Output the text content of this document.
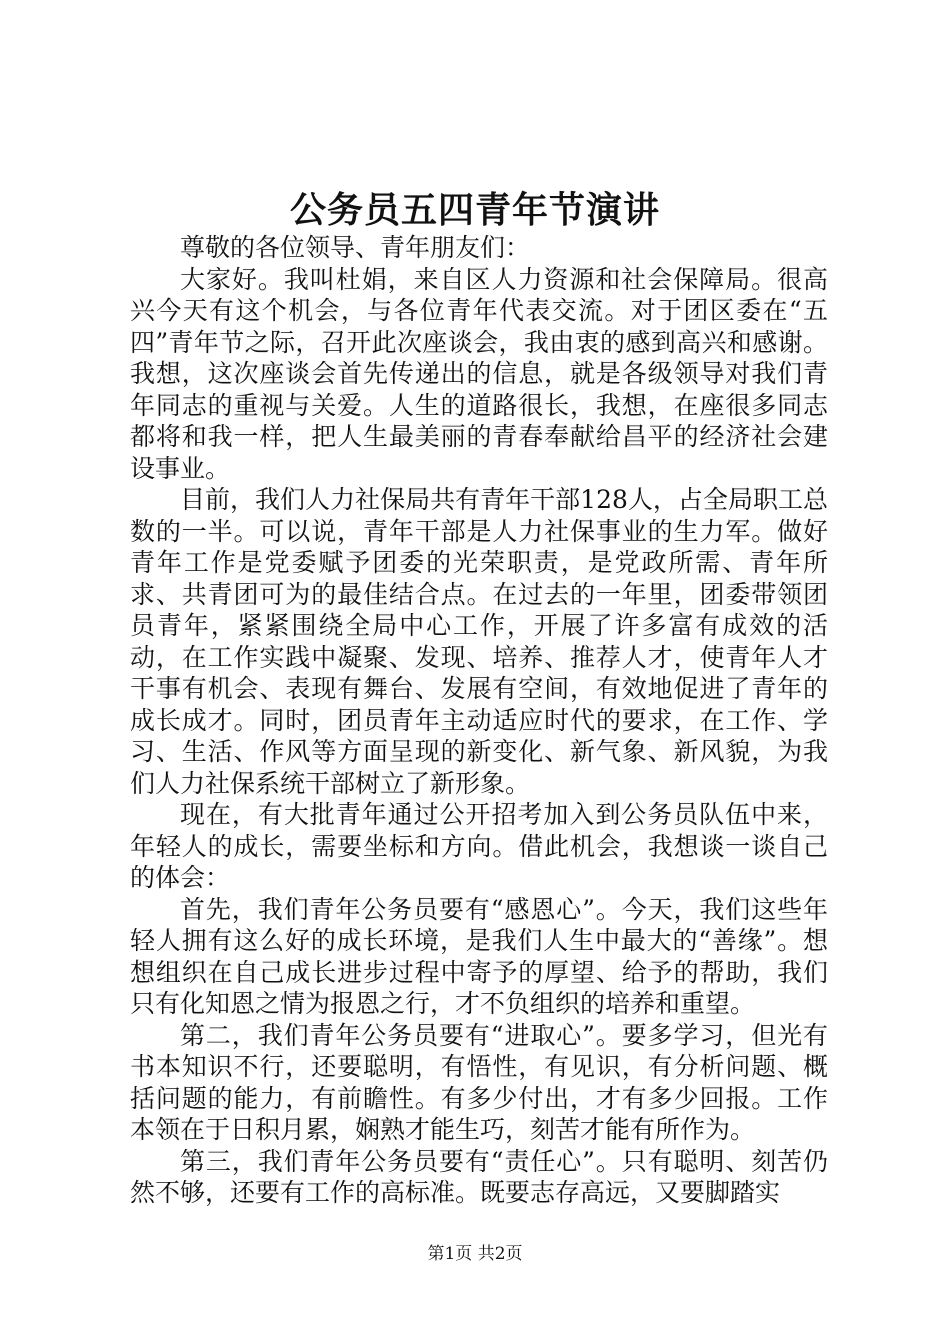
公务员五四青年节演讲

尊敬的各位领导、青年朋友们：

大家好。我叫杜娟，来自区人力资源和社会保障局。很高兴今天有这个机会，与各位青年代表交流。对于团区委在“五四”青年节之际，召开此次座谈会，我由衷的感到高兴和感谢。我想，这次座谈会首先传递出的信息，就是各级领导对我们青年同志的重视与关爱。人生的道路很长，我想，在座很多同志都将和我一样，把人生最美丽的青春奉献给昌平的经济社会建设事业。

目前，我们人力社保局共有青年干部128人，占全局职工总数的一半。可以说，青年干部是人力社保事业的生力军。做好青年工作是党委赋予团委的光荣职责，是党政所需、青年所求、共青团可为的最佳结合点。在过去的一年里，团委带领团员青年，紧紧围绕全局中心工作，开展了许多富有成效的活动，在工作实践中凝聚、发现、培养、推荐人才，使青年人才干事有机会、表现有舞台、发展有空间，有效地促进了青年的成长成才。同时，团员青年主动适应时代的要求，在工作、学习、生活、作风等方面呈现的新变化、新气象、新风貌，为我们人力社保系统干部树立了新形象。

现在，有大批青年通过公开招考加入到公务员队伍中来，年轻人的成长，需要坐标和方向。借此机会，我想谈一谈自己的体会：

首先，我们青年公务员要有“感恩心”。今天，我们这些年轻人拥有这么好的成长环境，是我们人生中最大的“善缘”。想想组织在自己成长进步过程中寄予的厚望、给予的帮助，我们只有化知恩之情为报恩之行，才不负组织的培养和重望。

第二，我们青年公务员要有“进取心”。要多学习，但光有书本知识不行，还要聪明，有悟性，有见识，有分析问题、概括问题的能力，有前瞻性。有多少付出，才有多少回报。工作本领在于日积月累，娴熟才能生巧，刻苦才能有所作为。

第三，我们青年公务员要有“责任心”。只有聪明、刻苦仍然不够，还要有工作的高标准。既要志存高远，又要脚踏实

第1页 共2页
